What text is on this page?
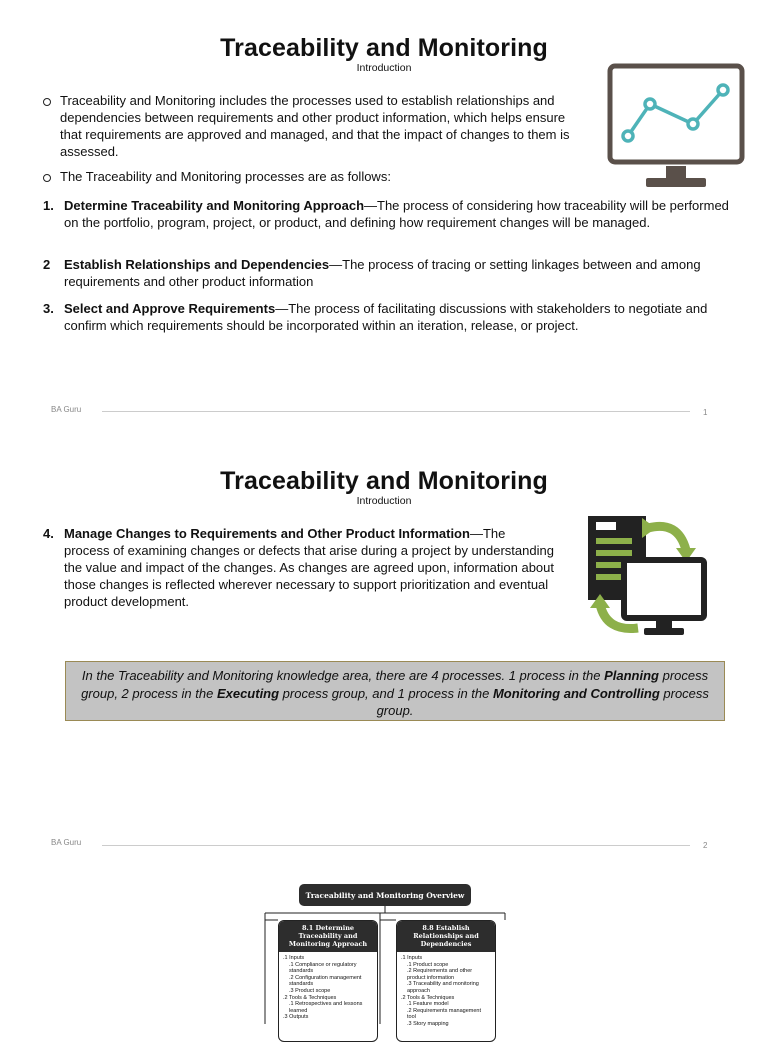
Traceability and Monitoring
Introduction
Traceability and Monitoring includes the processes used to establish relationships and dependencies between requirements and other product information, which helps ensure that requirements are approved and managed, and that the impact of changes to them is assessed.
The Traceability and Monitoring processes are as follows:
1. Determine Traceability and Monitoring Approach—The process of considering how traceability will be performed on the portfolio, program, project, or product, and defining how requirement changes will be managed.
2 Establish Relationships and Dependencies—The process of tracing or setting linkages between and among requirements and other product information
3. Select and Approve Requirements—The process of facilitating discussions with stakeholders to negotiate and confirm which requirements should be incorporated within an iteration, release, or project.
BA Guru	1
Traceability and Monitoring
Introduction
4. Manage Changes to Requirements and Other Product Information—The process of examining changes or defects that arise during a project by understanding the value and impact of the changes. As changes are agreed upon, information about those changes is reflected wherever necessary to support prioritization and eventual product development.
In the Traceability and Monitoring knowledge area, there are 4 processes. 1 process in the Planning process group, 2 process in the Executing process group, and 1 process in the Monitoring and Controlling process group.
BA Guru	2
Traceability and Monitoring Overview
8.1 Determine Traceability and Monitoring Approach
.1 Inputs
.1 Compliance or regulatory standards
.2 Configuration management standards
.3 Product scope
.2 Tools & Techniques
.1 Retrospectives and lessons learned
.3 Outputs
8.8 Establish Relationships and Dependencies
.1 Inputs
.1 Product scope
.2 Requirements and other product information
.3 Traceability and monitoring approach
.2 Tools & Techniques
.1 Feature model
.2 Requirements management tool
.3 Story mapping
